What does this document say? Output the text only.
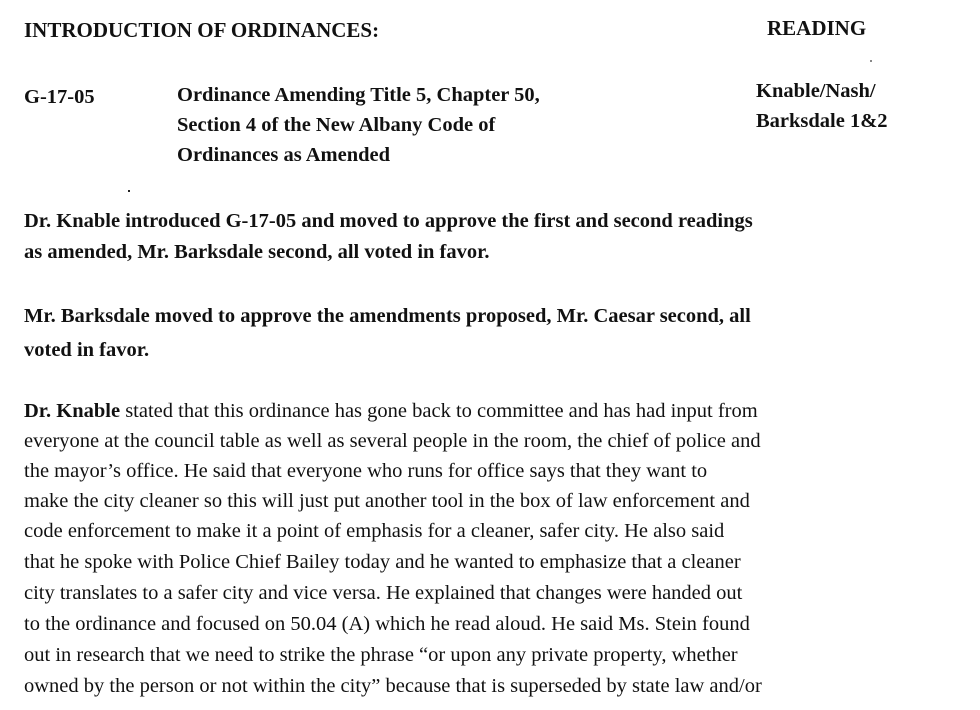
INTRODUCTION OF ORDINANCES:	READING
G-17-05	Ordinance Amending Title 5, Chapter 50,
Section 4 of the New Albany Code of
Ordinances as Amended
Knable/Nash/
Barksdale 1&2
Dr. Knable introduced G-17-05 and moved to approve the first and second readings
as amended, Mr. Barksdale second, all voted in favor.
Mr. Barksdale moved to approve the amendments proposed, Mr. Caesar second, all
voted in favor.
Dr. Knable stated that this ordinance has gone back to committee and has had input from
everyone at the council table as well as several people in the room, the chief of police and
the mayor’s office. He said that everyone who runs for office says that they want to
make the city cleaner so this will just put another tool in the box of law enforcement and
code enforcement to make it a point of emphasis for a cleaner, safer city. He also said
that he spoke with Police Chief Bailey today and he wanted to emphasize that a cleaner
city translates to a safer city and vice versa. He explained that changes were handed out
to the ordinance and focused on 50.04 (A) which he read aloud. He said Ms. Stein found
out in research that we need to strike the phrase “or upon any private property, whether
owned by the person or not within the city” because that is superseded by state law and/or
